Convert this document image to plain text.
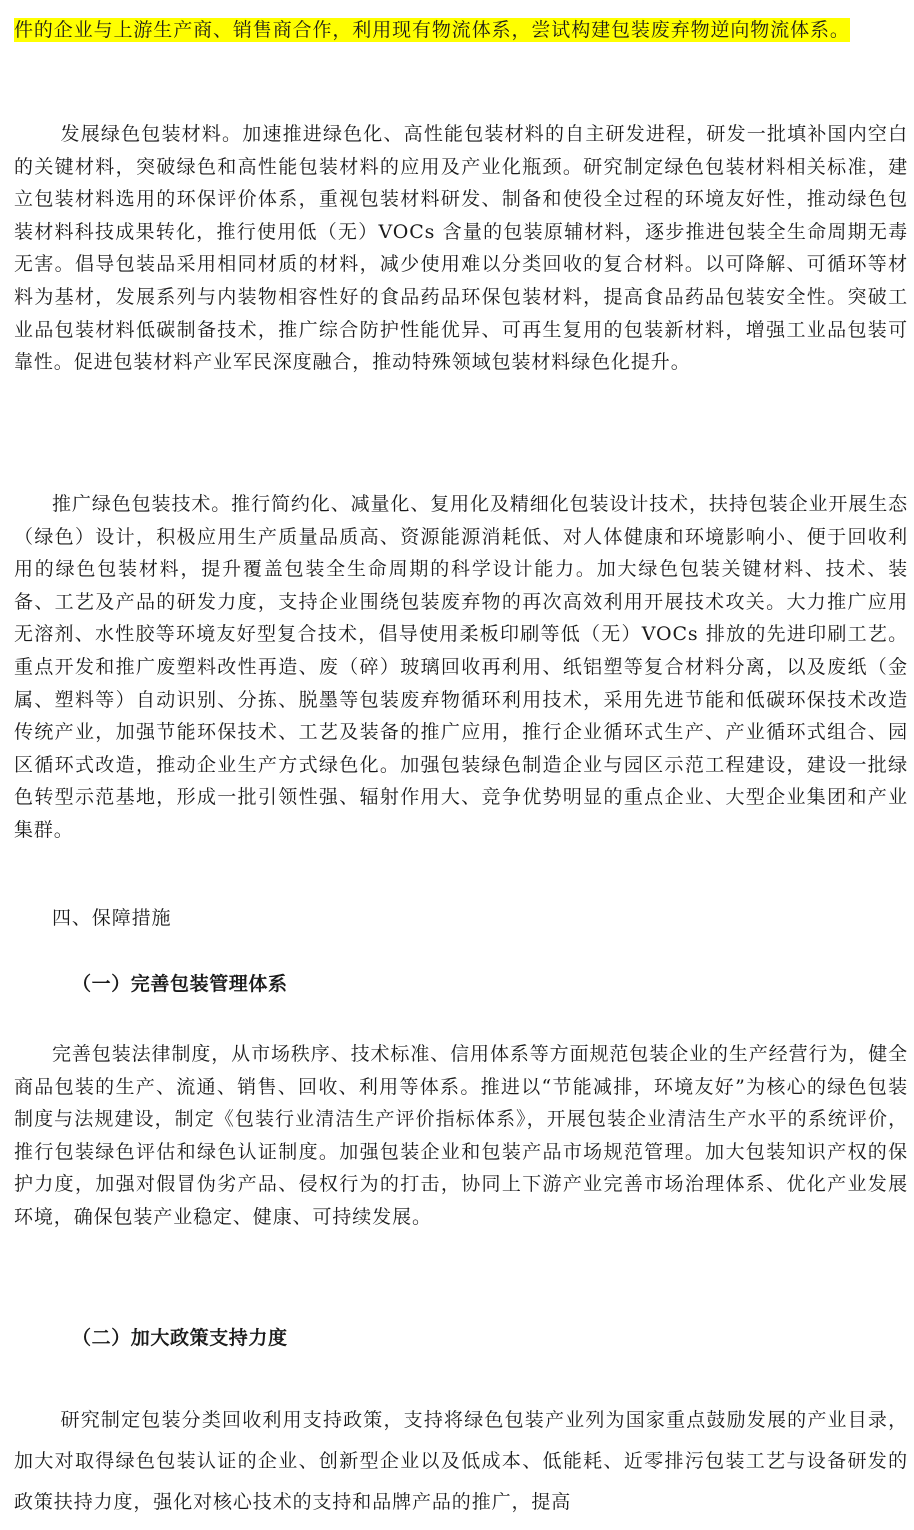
件的企业与上游生产商、销售商合作，利用现有物流体系，尝试构建包装废弃物逆向物流体系。

发展绿色包装材料。加速推进绿色化、高性能包装材料的自主研发进程，研发一批填补国内空白的关键材料，突破绿色和高性能包装材料的应用及产业化瓶颈。研究制定绿色包装材料相关标准，建立包装材料选用的环保评价体系，重视包装材料研发、制备和使役全过程的环境友好性，推动绿色包装材料科技成果转化，推行使用低（无）VOCs 含量的包装原辅材料，逐步推进包装全生命周期无毒无害。倡导包装品采用相同材质的材料，减少使用难以分类回收的复合材料。以可降解、可循环等材料为基材，发展系列与内装物相容性好的食品药品环保包装材料，提高食品药品包装安全性。突破工业品包装材料低碳制备技术，推广综合防护性能优异、可再生复用的包装新材料，增强工业品包装可靠性。促进包装材料产业军民深度融合，推动特殊领域包装材料绿色化提升。

推广绿色包装技术。推行简约化、减量化、复用化及精细化包装设计技术，扶持包装企业开展生态（绿色）设计，积极应用生产质量品质高、资源能源消耗低、对人体健康和环境影响小、便于回收利用的绿色包装材料，提升覆盖包装全生命周期的科学设计能力。加大绿色包装关键材料、技术、装备、工艺及产品的研发力度，支持企业围绕包装废弃物的再次高效利用开展技术攻关。大力推广应用无溶剂、水性胶等环境友好型复合技术，倡导使用柔板印刷等低（无）VOCs 排放的先进印刷工艺。重点开发和推广废塑料改性再造、废（碎）玻璃回收再利用、纸铝塑等复合材料分离，以及废纸（金属、塑料等）自动识别、分拣、脱墨等包装废弃物循环利用技术，采用先进节能和低碳环保技术改造传统产业，加强节能环保技术、工艺及装备的推广应用，推行企业循环式生产、产业循环式组合、园区循环式改造，推动企业生产方式绿色化。加强包装绿色制造企业与园区示范工程建设，建设一批绿色转型示范基地，形成一批引领性强、辐射作用大、竞争优势明显的重点企业、大型企业集团和产业集群。

四、保障措施

（一）完善包装管理体系

完善包装法律制度，从市场秩序、技术标准、信用体系等方面规范包装企业的生产经营行为，健全商品包装的生产、流通、销售、回收、利用等体系。推进以“节能减排，环境友好”为核心的绿色包装制度与法规建设，制定《包装行业清洁生产评价指标体系》，开展包装企业清洁生产水平的系统评价，推行包装绿色评估和绿色认证制度。加强包装企业和包装产品市场规范管理。加大包装知识产权的保护力度，加强对假冒伪劣产品、侵权行为的打击，协同上下游产业完善市场治理体系、优化产业发展环境，确保包装产业稳定、健康、可持续发展。

（二）加大政策支持力度

研究制定包装分类回收利用支持政策，支持将绿色包装产业列为国家重点鼓励发展的产业目录，加大对取得绿色包装认证的企业、创新型企业以及低成本、低能耗、近零排污包装工艺与设备研发的政策扶持力度，强化对核心技术的支持和品牌产品的推广，提高
